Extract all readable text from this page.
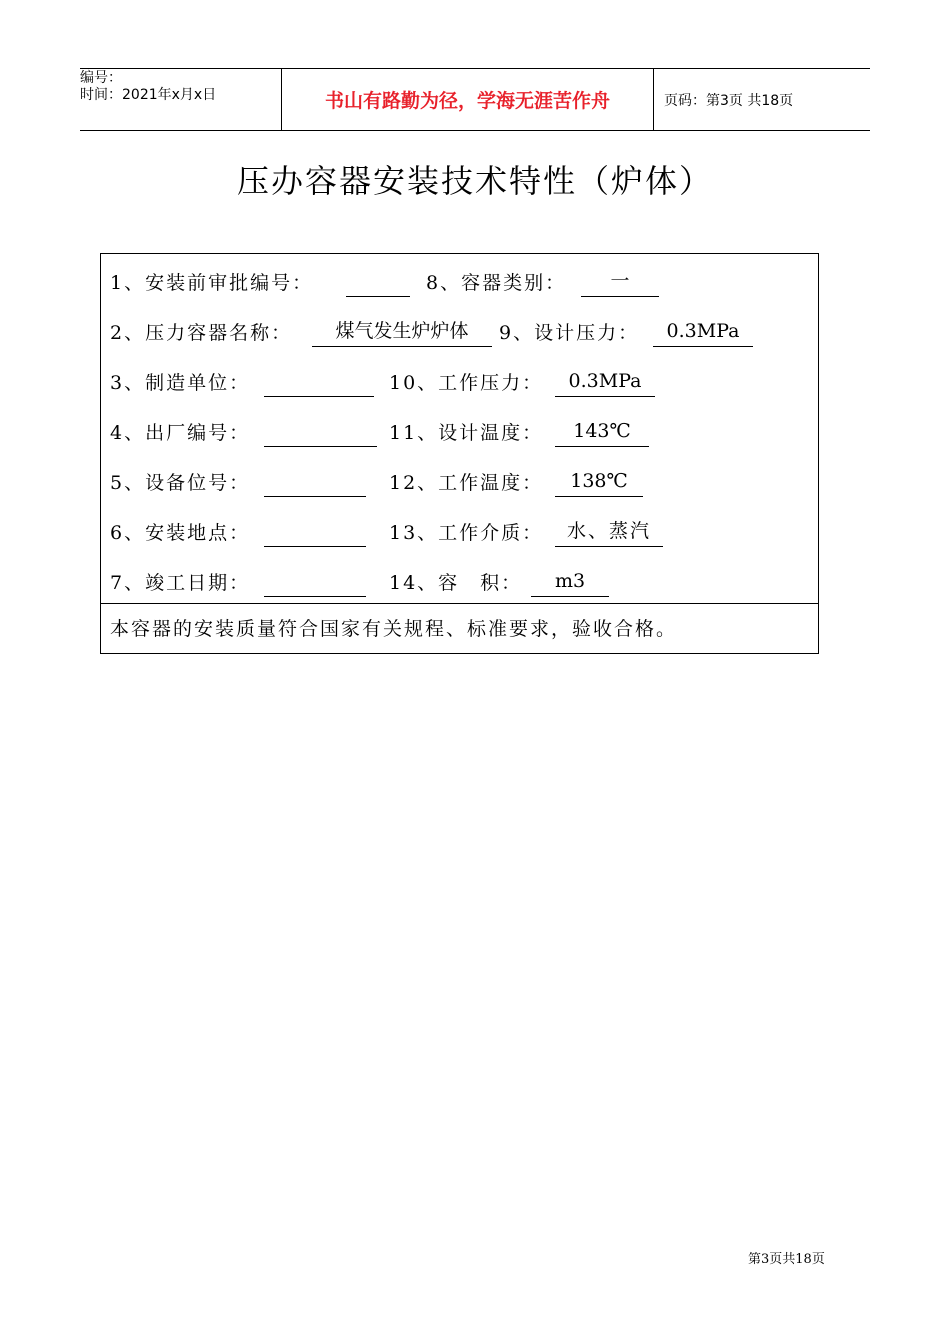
编号：
时间：2021年x月x日	书山有路勤为径，学海无涯苦作舟	页码：第3页 共18页
压办容器安装技术特性（炉体）
1、安装前审批编号：	8、容器类别：	一
2、压力容器名称：	煤气发生炉炉体	9、设计压力：	0.3MPa
3、制造单位：	10、工作压力：	0.3MPa
4、出厂编号：	11、设计温度：	143℃
5、设备位号：	12、工作温度：	138℃
6、安装地点：	13、工作介质：	水、蒸汽
7、竣工日期：	14、容　积：	m3
本容器的安装质量符合国家有关规程、标准要求，验收合格。
第3页共18页
